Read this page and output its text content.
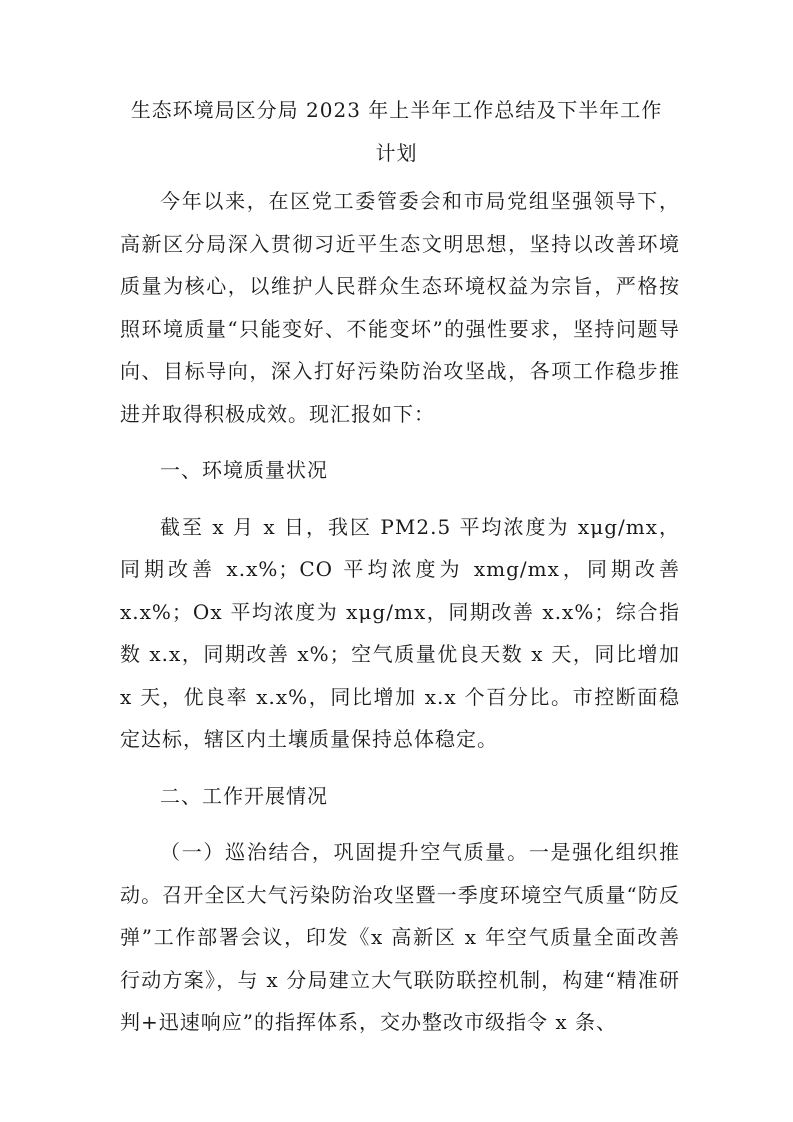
生态环境局区分局 2023 年上半年工作总结及下半年工作
计划

今年以来，在区党工委管委会和市局党组坚强领导下，高新区分局深入贯彻习近平生态文明思想，坚持以改善环境质量为核心，以维护人民群众生态环境权益为宗旨，严格按照环境质量“只能变好、不能变坏”的强性要求，坚持问题导向、目标导向，深入打好污染防治攻坚战，各项工作稳步推进并取得积极成效。现汇报如下：

一、环境质量状况

截至 x 月 x 日，我区 PM2.5 平均浓度为 xμg/mx，同期改善 x.x%；CO 平均浓度为 xmg/mx，同期改善 x.x%；Ox 平均浓度为 xμg/mx，同期改善 x.x%；综合指数 x.x，同期改善 x%；空气质量优良天数 x 天，同比增加 x 天，优良率 x.x%，同比增加 x.x 个百分比。市控断面稳定达标，辖区内土壤质量保持总体稳定。

二、工作开展情况

（一）巡治结合，巩固提升空气质量。一是强化组织推动。召开全区大气污染防治攻坚暨一季度环境空气质量“防反弹”工作部署会议，印发《x 高新区 x 年空气质量全面改善行动方案》，与 x 分局建立大气联防联控机制，构建“精准研判+迅速响应”的指挥体系，交办整改市级指令 x 条、
